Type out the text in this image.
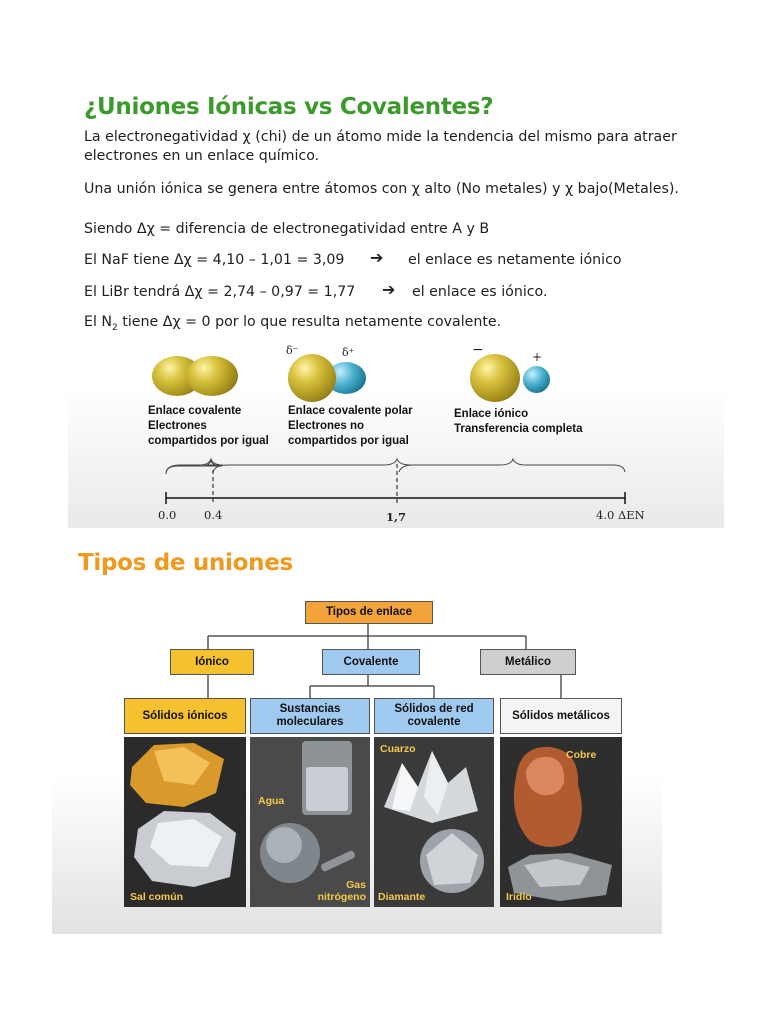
¿Uniones Iónicas vs Covalentes?
La electronegatividad χ (chi) de un átomo mide la tendencia del mismo para atraer
electrones en un enlace químico.
Una unión iónica se genera entre átomos con χ alto (No metales) y χ bajo(Metales).
Siendo Δχ = diferencia de electronegatividad entre A y B
El NaF tiene Δχ = 4,10 – 1,01 = 3,09 ➔ el enlace es netamente iónico
El LiBr tendrá Δχ = 2,74 – 0,97 = 1,77 ➔ el enlace es iónico.
El $N_2$ tiene Δχ = 0 por lo que resulta netamente covalente.
δ⁻	δ⁺	−	+
Enlace covalente
Electrones
compartidos por igual
Enlace covalente polar
Electrones no
compartidos por igual
Enlace iónico
Transferencia completa
0.0 0.4	1,7	4.0 ΔEN
Tipos de uniones
Tipos de enlace
Iónico	Covalente	Metálico
Sólidos iónicos
Sustancias moleculares
Sólidos de red covalente
Sólidos metálicos
Sal común
Agua
Gas nitrógeno
Cuarzo
Diamante
Cobre
Iridio
